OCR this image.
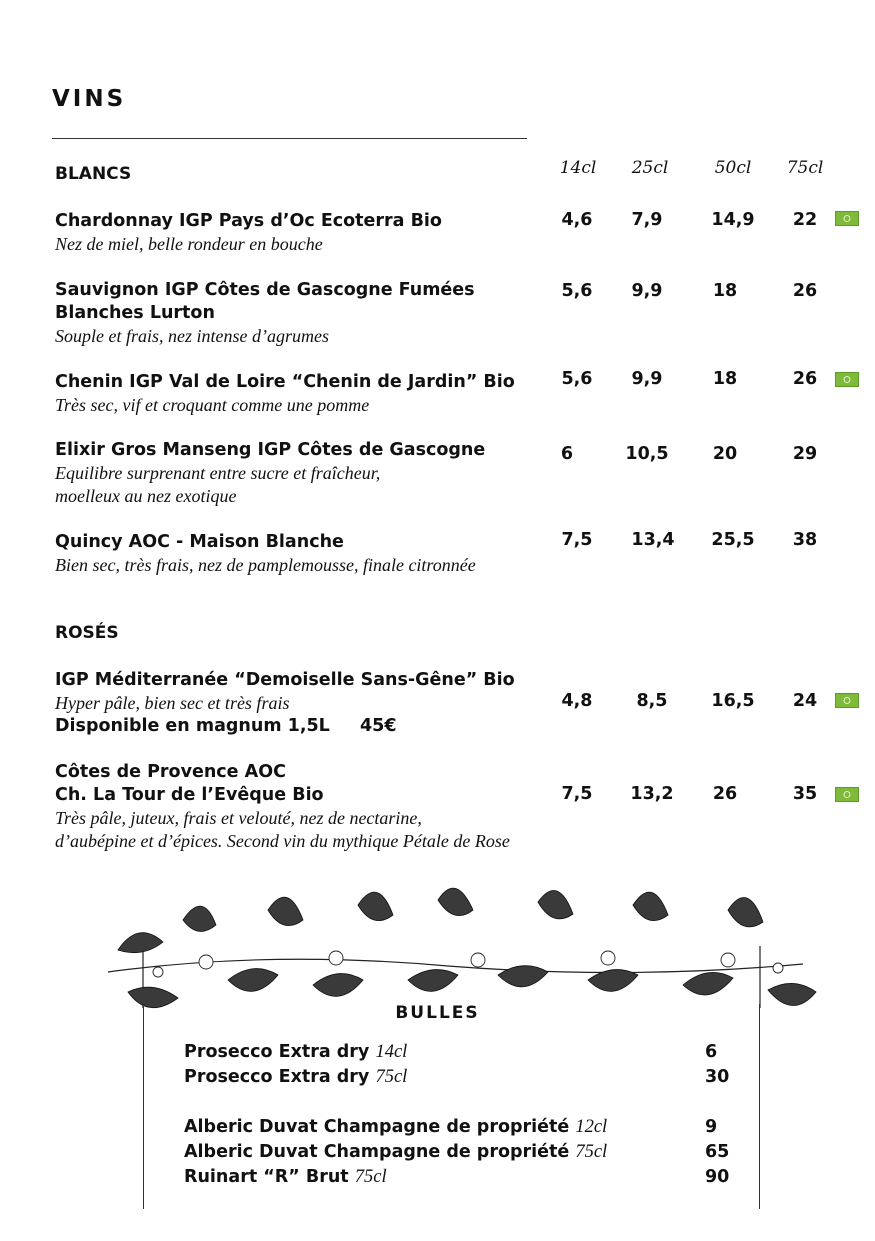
VINS
BLANCS	14cl	25cl	50cl	75cl
Chardonnay IGP Pays d’Oc Ecoterra Bio
Nez de miel, belle rondeur en bouche
4,6	7,9	14,9	22
Sauvignon IGP Côtes de Gascogne Fumées
Blanches Lurton
Souple et frais, nez intense d’agrumes
5,6	9,9	18	26
Chenin IGP Val de Loire “Chenin de Jardin” Bio
Très sec, vif et croquant comme une pomme
5,6	9,9	18	26
Elixir Gros Manseng IGP Côtes de Gascogne
Equilibre surprenant entre sucre et fraîcheur,
moelleux au nez exotique
6	10,5	20	29
Quincy AOC - Maison Blanche
Bien sec, très frais, nez de pamplemousse, finale citronnée
7,5	13,4	25,5	38
ROSÉS
IGP Méditerranée “Demoiselle Sans-Gêne” Bio
Hyper pâle, bien sec et très frais
Disponible en magnum 1,5L 45€
4,8	8,5	16,5	24
Côtes de Provence AOC
Ch. La Tour de l’Evêque Bio
Très pâle, juteux, frais et velouté, nez de nectarine,
d’aubépine et d’épices. Second vin du mythique Pétale de Rose
7,5	13,2	26	35
BULLES
Prosecco Extra dry 14cl	6
Prosecco Extra dry 75cl	30
Alberic Duvat Champagne de propriété 12cl	9
Alberic Duvat Champagne de propriété 75cl	65
Ruinart “R” Brut 75cl	90
